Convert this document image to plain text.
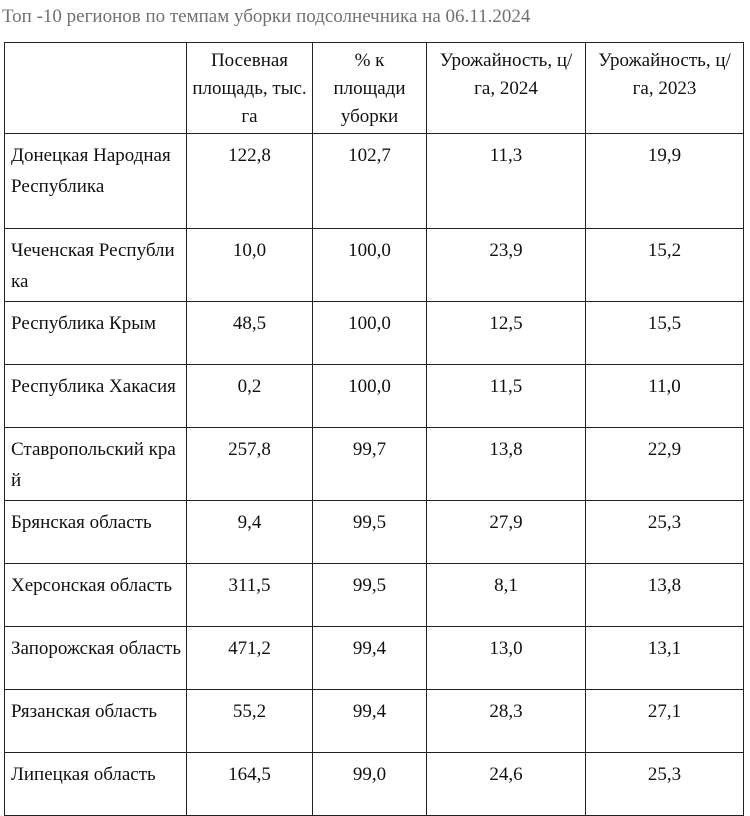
Топ -10 регионов по темпам уборки подсолнечника на 06.11.2024
	Посевная площадь, тыс. га	% к площади уборки	Урожайность, ц/га, 2024	Урожайность, ц/га, 2023
Донецкая Народная Республика	122,8	102,7	11,3	19,9
Чеченская Республика	10,0	100,0	23,9	15,2
Республика Крым	48,5	100,0	12,5	15,5
Республика Хакасия	0,2	100,0	11,5	11,0
Ставропольский край	257,8	99,7	13,8	22,9
Брянская область	9,4	99,5	27,9	25,3
Херсонская область	311,5	99,5	8,1	13,8
Запорожская область	471,2	99,4	13,0	13,1
Рязанская область	55,2	99,4	28,3	27,1
Липецкая область	164,5	99,0	24,6	25,3
